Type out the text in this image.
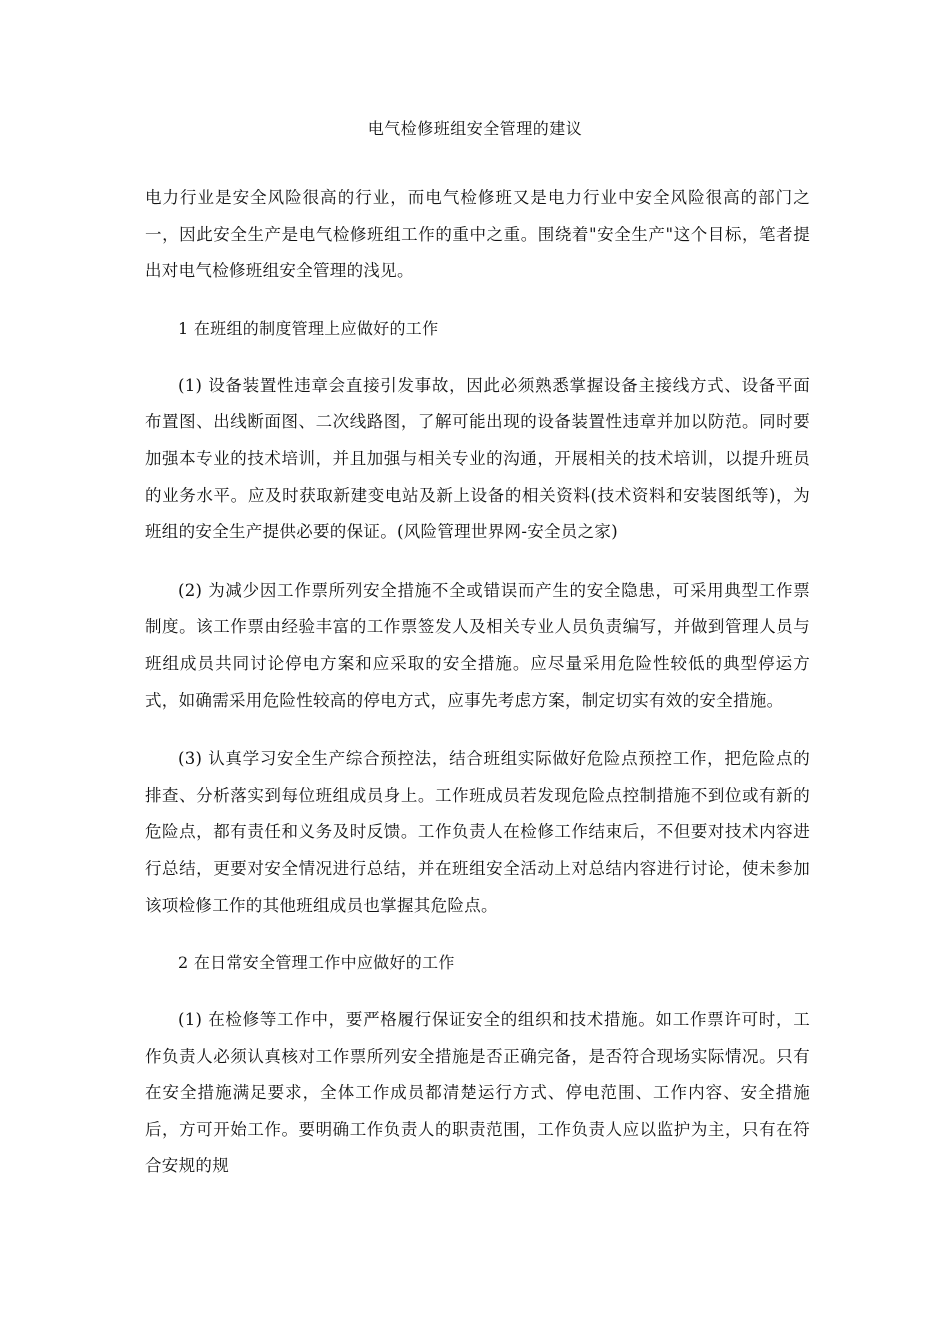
电气检修班组安全管理的建议

电力行业是安全风险很高的行业，而电气检修班又是电力行业中安全风险很高的部门之一，因此安全生产是电气检修班组工作的重中之重。围绕着"安全生产"这个目标，笔者提出对电气检修班组安全管理的浅见。

1 在班组的制度管理上应做好的工作

(1) 设备装置性违章会直接引发事故，因此必须熟悉掌握设备主接线方式、设备平面布置图、出线断面图、二次线路图，了解可能出现的设备装置性违章并加以防范。同时要加强本专业的技术培训，并且加强与相关专业的沟通，开展相关的技术培训，以提升班员的业务水平。应及时获取新建变电站及新上设备的相关资料(技术资料和安装图纸等)，为班组的安全生产提供必要的保证。(风险管理世界网-安全员之家)

(2) 为减少因工作票所列安全措施不全或错误而产生的安全隐患，可采用典型工作票制度。该工作票由经验丰富的工作票签发人及相关专业人员负责编写，并做到管理人员与班组成员共同讨论停电方案和应采取的安全措施。应尽量采用危险性较低的典型停运方式，如确需采用危险性较高的停电方式，应事先考虑方案，制定切实有效的安全措施。

(3) 认真学习安全生产综合预控法，结合班组实际做好危险点预控工作，把危险点的排查、分析落实到每位班组成员身上。工作班成员若发现危险点控制措施不到位或有新的危险点，都有责任和义务及时反馈。工作负责人在检修工作结束后，不但要对技术内容进行总结，更要对安全情况进行总结，并在班组安全活动上对总结内容进行讨论，使未参加该项检修工作的其他班组成员也掌握其危险点。

2 在日常安全管理工作中应做好的工作

(1) 在检修等工作中，要严格履行保证安全的组织和技术措施。如工作票许可时，工作负责人必须认真核对工作票所列安全措施是否正确完备，是否符合现场实际情况。只有在安全措施满足要求，全体工作成员都清楚运行方式、停电范围、工作内容、安全措施后，方可开始工作。要明确工作负责人的职责范围，工作负责人应以监护为主，只有在符合安规的规
